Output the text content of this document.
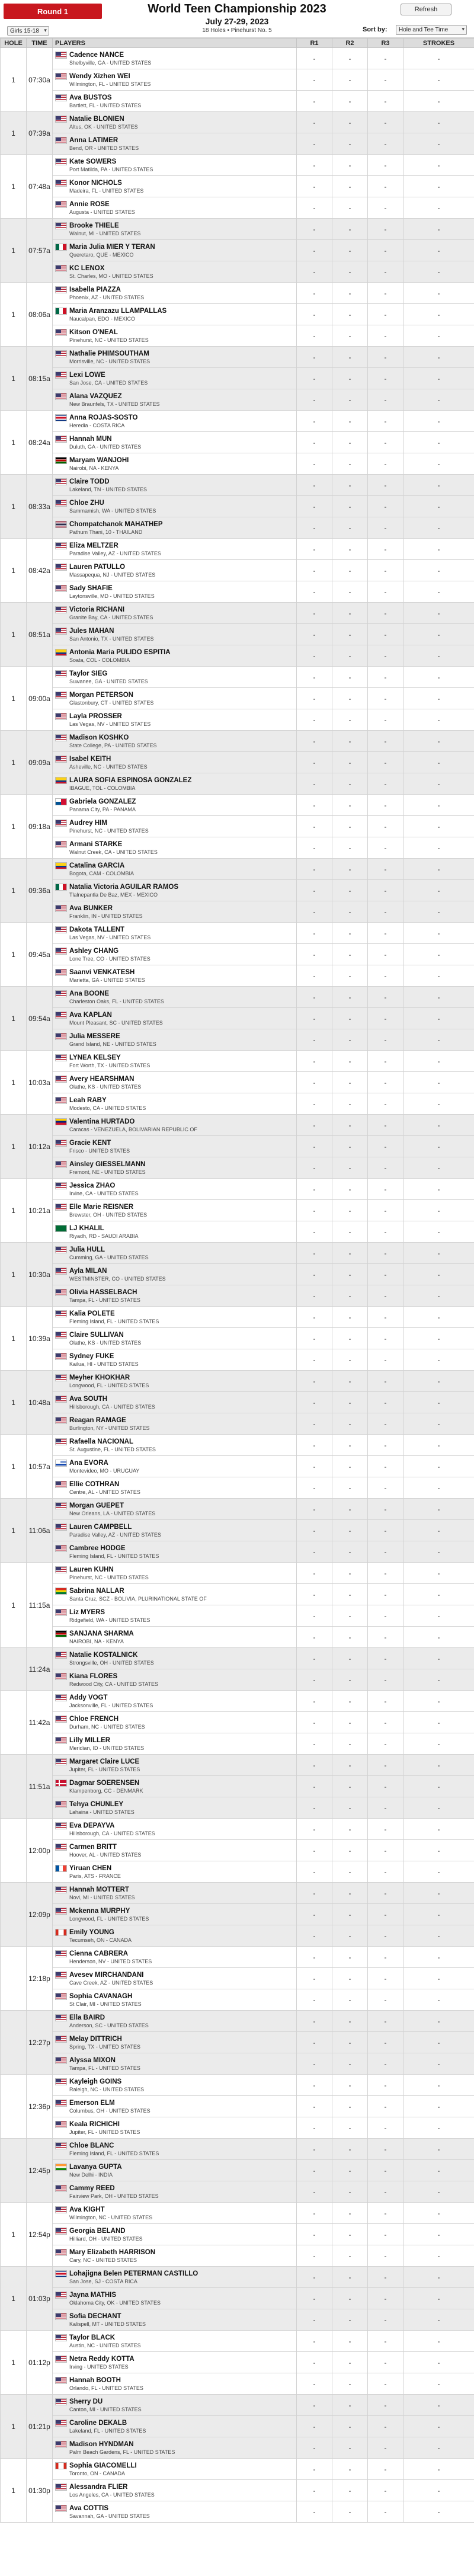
Round 1
Girls 15-18 ▾
World Teen Championship 2023
July 27-29, 2023
18 Holes • Pinehurst No. 5
Refresh
Sort by: Hole and Tee Time	▾
HOLE	TIME	PLAYERS	R1	R2	R3	STROKES
1	07:30a	Cadence NANCE
Shelbyville, GA - UNITED STATES	-	-	-	-

		Wendy Xizhen WEI
Wilmington, FL - UNITED STATES	-	-	-	-

		Ava BUSTOS
Bartlett, FL - UNITED STATES	-	-	-	-
1	07:39a	Natalie BLONIEN
Altus, OK - UNITED STATES	-	-	-	-

		Anna LATIMER
Bend, OR - UNITED STATES	-	-	-	-
1	07:48a	Kate SOWERS
Port Matilda, PA - UNITED STATES	-	-	-	-

		Konor NICHOLS
Madeira, FL - UNITED STATES	-	-	-	-

		Annie ROSE
Augusta - UNITED STATES	-	-	-	-
1	07:57a	Brooke THIELE
Walnut, MI - UNITED STATES	-	-	-	-

		Maria Julia MIER Y TERAN
Queretaro, QUE - MEXICO	-	-	-	-

		KC LENOX
St. Charles, MO - UNITED STATES	-	-	-	-
1	08:06a	Isabella PIAZZA
Phoenix, AZ - UNITED STATES	-	-	-	-

		Maria Aranzazu LLAMPALLAS
Naucalpan, EDO - MEXICO	-	-	-	-

		Kitson O'NEAL
Pinehurst, NC - UNITED STATES	-	-	-	-
1	08:15a	Nathalie PHIMSOUTHAM
Morrisville, NC - UNITED STATES	-	-	-	-

		Lexi LOWE
San Jose, CA - UNITED STATES	-	-	-	-

		Alana VAZQUEZ
New Braunfels, TX - UNITED STATES	-	-	-	-
1	08:24a	Anna ROJAS-SOSTO
Heredia - COSTA RICA	-	-	-	-

		Hannah MUN
Duluth, GA - UNITED STATES	-	-	-	-

		Maryam WANJOHI
Nairobi, NA - KENYA	-	-	-	-
1	08:33a	Claire TODD
Lakeland, TN - UNITED STATES	-	-	-	-

		Chloe ZHU
Sammamish, WA - UNITED STATES	-	-	-	-

		Chompatchanok MAHATHEP
Pathum Thani, 10 - THAILAND	-	-	-	-
1	08:42a	Eliza MELTZER
Paradise Valley, AZ - UNITED STATES	-	-	-	-

		Lauren PATULLO
Massapequa, NJ - UNITED STATES	-	-	-	-

		Sady SHAFIE
Laytonsville, MD - UNITED STATES	-	-	-	-
1	08:51a	Victoria RICHANI
Granite Bay, CA - UNITED STATES	-	-	-	-

		Jules MAHAN
San Antonio, TX - UNITED STATES	-	-	-	-

		Antonia Maria PULIDO ESPITIA
Soata, COL - COLOMBIA	-	-	-	-
1	09:00a	Taylor SIEG
Suwanee, GA - UNITED STATES	-	-	-	-

		Morgan PETERSON
Glastonbury, CT - UNITED STATES	-	-	-	-

		Layla PROSSER
Las Vegas, NV - UNITED STATES	-	-	-	-
1	09:09a	Madison KOSHKO
State College, PA - UNITED STATES	-	-	-	-

		Isabel KEITH
Asheville, NC - UNITED STATES	-	-	-	-

		LAURA SOFIA ESPINOSA GONZALEZ
IBAGUE, TOL - COLOMBIA	-	-	-	-
1	09:18a	Gabriela GONZALEZ
Panama City, PA - PANAMA	-	-	-	-

		Audrey HIM
Pinehurst, NC - UNITED STATES	-	-	-	-

		Armani STARKE
Walnut Creek, CA - UNITED STATES	-	-	-	-
1	09:36a	Catalina GARCIA
Bogota, CAM - COLOMBIA	-	-	-	-

		Natalia Victoria AGUILAR RAMOS
Tlalnepantla De Baz, MEX - MEXICO	-	-	-	-

		Ava BUNKER
Franklin, IN - UNITED STATES	-	-	-	-
1	09:45a	Dakota TALLENT
Las Vegas, NV - UNITED STATES	-	-	-	-

		Ashley CHANG
Lone Tree, CO - UNITED STATES	-	-	-	-

		Saanvi VENKATESH
Marietta, GA - UNITED STATES	-	-	-	-
1	09:54a	Ana BOONE
Charleston Oaks, FL - UNITED STATES	-	-	-	-

		Ava KAPLAN
Mount Pleasant, SC - UNITED STATES	-	-	-	-

		Julia MESSERE
Grand Island, NE - UNITED STATES	-	-	-	-
1	10:03a	LYNEA KELSEY
Fort Worth, TX - UNITED STATES	-	-	-	-

		Avery HEARSHMAN
Olathe, KS - UNITED STATES	-	-	-	-

		Leah RABY
Modesto, CA - UNITED STATES	-	-	-	-
1	10:12a	Valentina HURTADO
Caracas - VENEZUELA, BOLIVARIAN REPUBLIC OF	-	-	-	-

		Gracie KENT
Frisco - UNITED STATES	-	-	-	-

		Ainsley GIESSELMANN
Fremont, NE - UNITED STATES	-	-	-	-
1	10:21a	Jessica ZHAO
Irvine, CA - UNITED STATES	-	-	-	-

		Elle Marie REISNER
Brewster, OH - UNITED STATES	-	-	-	-

		LJ KHALIL
Riyadh, RD - SAUDI ARABIA	-	-	-	-
1	10:30a	Julia HULL
Cumming, GA - UNITED STATES	-	-	-	-

		Ayla MILAN
WESTMINSTER, CO - UNITED STATES	-	-	-	-

		Olivia HASSELBACH
Tampa, FL - UNITED STATES	-	-	-	-
1	10:39a	Kalia POLETE
Fleming Island, FL - UNITED STATES	-	-	-	-

		Claire SULLIVAN
Olathe, KS - UNITED STATES	-	-	-	-

		Sydney FUKE
Kailua, HI - UNITED STATES	-	-	-	-
1	10:48a	Meyher KHOKHAR
Longwood, FL - UNITED STATES	-	-	-	-

		Ava SOUTH
Hillsborough, CA - UNITED STATES	-	-	-	-

		Reagan RAMAGE
Burlington, NY - UNITED STATES	-	-	-	-
1	10:57a	Rafaella NACIONAL
St. Augustine, FL - UNITED STATES	-	-	-	-

		Ana EVORA
Montevideo, MO - URUGUAY	-	-	-	-

		Ellie COTHRAN
Centre, AL - UNITED STATES	-	-	-	-
1	11:06a	Morgan GUEPET
New Orleans, LA - UNITED STATES	-	-	-	-

		Lauren CAMPBELL
Paradise Valley, AZ - UNITED STATES	-	-	-	-

		Cambree HODGE
Fleming Island, FL - UNITED STATES	-	-	-	-
1	11:15a	Lauren KUHN
Pinehurst, NC - UNITED STATES	-	-	-	-

		Sabrina NALLAR
Santa Cruz, SCZ - BOLIVIA, PLURINATIONAL STATE OF	-	-	-	-

		Liz MYERS
Ridgefield, WA - UNITED STATES	-	-	-	-

		SANJANA SHARMA
NAIROBI, NA - KENYA	-	-	-	-
	11:24a	Natalie KOSTALNICK
Strongsville, OH - UNITED STATES	-	-	-	-

		Kiana FLORES
Redwood City, CA - UNITED STATES	-	-	-	-
	11:42a	Addy VOGT
Jacksonville, FL - UNITED STATES	-	-	-	-

		Chloe FRENCH
Durham, NC - UNITED STATES	-	-	-	-

		Lilly MILLER
Meridian, ID - UNITED STATES	-	-	-	-
	11:51a	Margaret Claire LUCE
Jupiter, FL - UNITED STATES	-	-	-	-

		Dagmar SOERENSEN
Klampenborg, CC - DENMARK	-	-	-	-

		Tehya CHUNLEY
Lahaina - UNITED STATES	-	-	-	-
	12:00p	Eva DEPAYVA
Hillsborough, CA - UNITED STATES	-	-	-	-

		Carmen BRITT
Hoover, AL - UNITED STATES	-	-	-	-

		Yiruan CHEN
Paris, ATS - FRANCE	-	-	-	-
	12:09p	Hannah MOTTERT
Novi, MI - UNITED STATES	-	-	-	-

		Mckenna MURPHY
Longwood, FL - UNITED STATES	-	-	-	-

		Emily YOUNG
Tecumseh, ON - CANADA	-	-	-	-
	12:18p	Cienna CABRERA
Henderson, NV - UNITED STATES	-	-	-	-

		Avesev MIRCHANDANI
Cave Creek, AZ - UNITED STATES	-	-	-	-

		Sophia CAVANAGH
St Clair, MI - UNITED STATES	-	-	-	-
	12:27p	Ella BAIRD
Anderson, SC - UNITED STATES	-	-	-	-

		Melay DITTRICH
Spring, TX - UNITED STATES	-	-	-	-

		Alyssa MIXON
Tampa, FL - UNITED STATES	-	-	-	-
	12:36p	Kayleigh GOINS
Raleigh, NC - UNITED STATES	-	-	-	-

		Emerson ELM
Columbus, OH - UNITED STATES	-	-	-	-

		Keala RICHICHI
Jupiter, FL - UNITED STATES	-	-	-	-
	12:45p	Chloe BLANC
Fleming Island, FL - UNITED STATES	-	-	-	-

		Lavanya GUPTA
New Delhi - INDIA	-	-	-	-

		Cammy REED
Fairview Park, OH - UNITED STATES	-	-	-	-
1	12:54p	Ava KIGHT
Wilmington, NC - UNITED STATES	-	-	-	-

		Georgia BELAND
Hilliard, OH - UNITED STATES	-	-	-	-

		Mary Elizabeth HARRISON
Cary, NC - UNITED STATES	-	-	-	-
1	01:03p	Lohajigna Belen PETERMAN CASTILLO
San Jose, SJ - COSTA RICA	-	-	-	-

		Jayna MATHIS
Oklahoma City, OK - UNITED STATES	-	-	-	-

		Sofia DECHANT
Kalispell, MT - UNITED STATES	-	-	-	-
1	01:12p	Taylor BLACK
Austin, NC - UNITED STATES	-	-	-	-

		Netra Reddy KOTTA
Irving - UNITED STATES	-	-	-	-

		Hannah BOOTH
Orlando, FL - UNITED STATES	-	-	-	-
1	01:21p	Sherry DU
Canton, MI - UNITED STATES	-	-	-	-

		Caroline DEKALB
Lakeland, FL - UNITED STATES	-	-	-	-

		Madison HYNDMAN
Palm Beach Gardens, FL - UNITED STATES	-	-	-	-
1	01:30p	Sophia GIACOMELLI
Toronto, ON - CANADA	-	-	-	-

		Alessandra FLIER
Los Angeles, CA - UNITED STATES	-	-	-	-

		Ava COTTIS
Savannah, GA - UNITED STATES	-	-	-	-
